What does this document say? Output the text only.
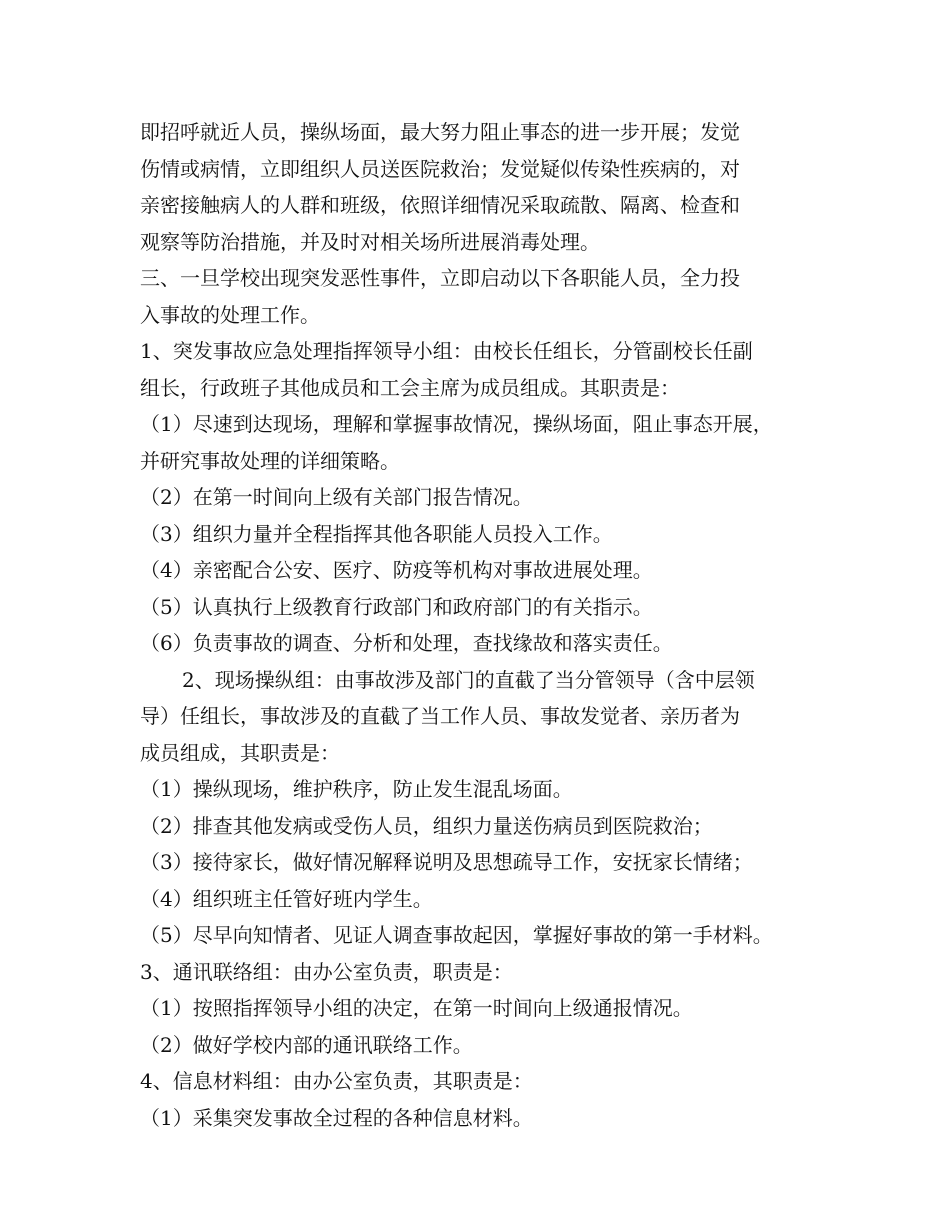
即招呼就近人员，操纵场面，最大努力阻止事态的进一步开展；发觉
伤情或病情，立即组织人员送医院救治；发觉疑似传染性疾病的，对
亲密接触病人的人群和班级，依照详细情况采取疏散、隔离、检查和
观察等防治措施，并及时对相关场所进展消毒处理。
三、一旦学校出现突发恶性事件，立即启动以下各职能人员，全力投
入事故的处理工作。
1、突发事故应急处理指挥领导小组：由校长任组长，分管副校长任副
组长，行政班子其他成员和工会主席为成员组成。其职责是：
（1）尽速到达现场，理解和掌握事故情况，操纵场面，阻止事态开展，
并研究事故处理的详细策略。
（2）在第一时间向上级有关部门报告情况。
（3）组织力量并全程指挥其他各职能人员投入工作。
（4）亲密配合公安、医疗、防疫等机构对事故进展处理。
（5）认真执行上级教育行政部门和政府部门的有关指示。
（6）负责事故的调查、分析和处理，查找缘故和落实责任。
2、现场操纵组：由事故涉及部门的直截了当分管领导（含中层领
导）任组长，事故涉及的直截了当工作人员、事故发觉者、亲历者为
成员组成，其职责是：
（1）操纵现场，维护秩序，防止发生混乱场面。
（2）排查其他发病或受伤人员，组织力量送伤病员到医院救治；
（3）接待家长，做好情况解释说明及思想疏导工作，安抚家长情绪；
（4）组织班主任管好班内学生。
（5）尽早向知情者、见证人调查事故起因，掌握好事故的第一手材料。
3、通讯联络组：由办公室负责，职责是：
（1）按照指挥领导小组的决定，在第一时间向上级通报情况。
（2）做好学校内部的通讯联络工作。
4、信息材料组：由办公室负责，其职责是：
（1）采集突发事故全过程的各种信息材料。
